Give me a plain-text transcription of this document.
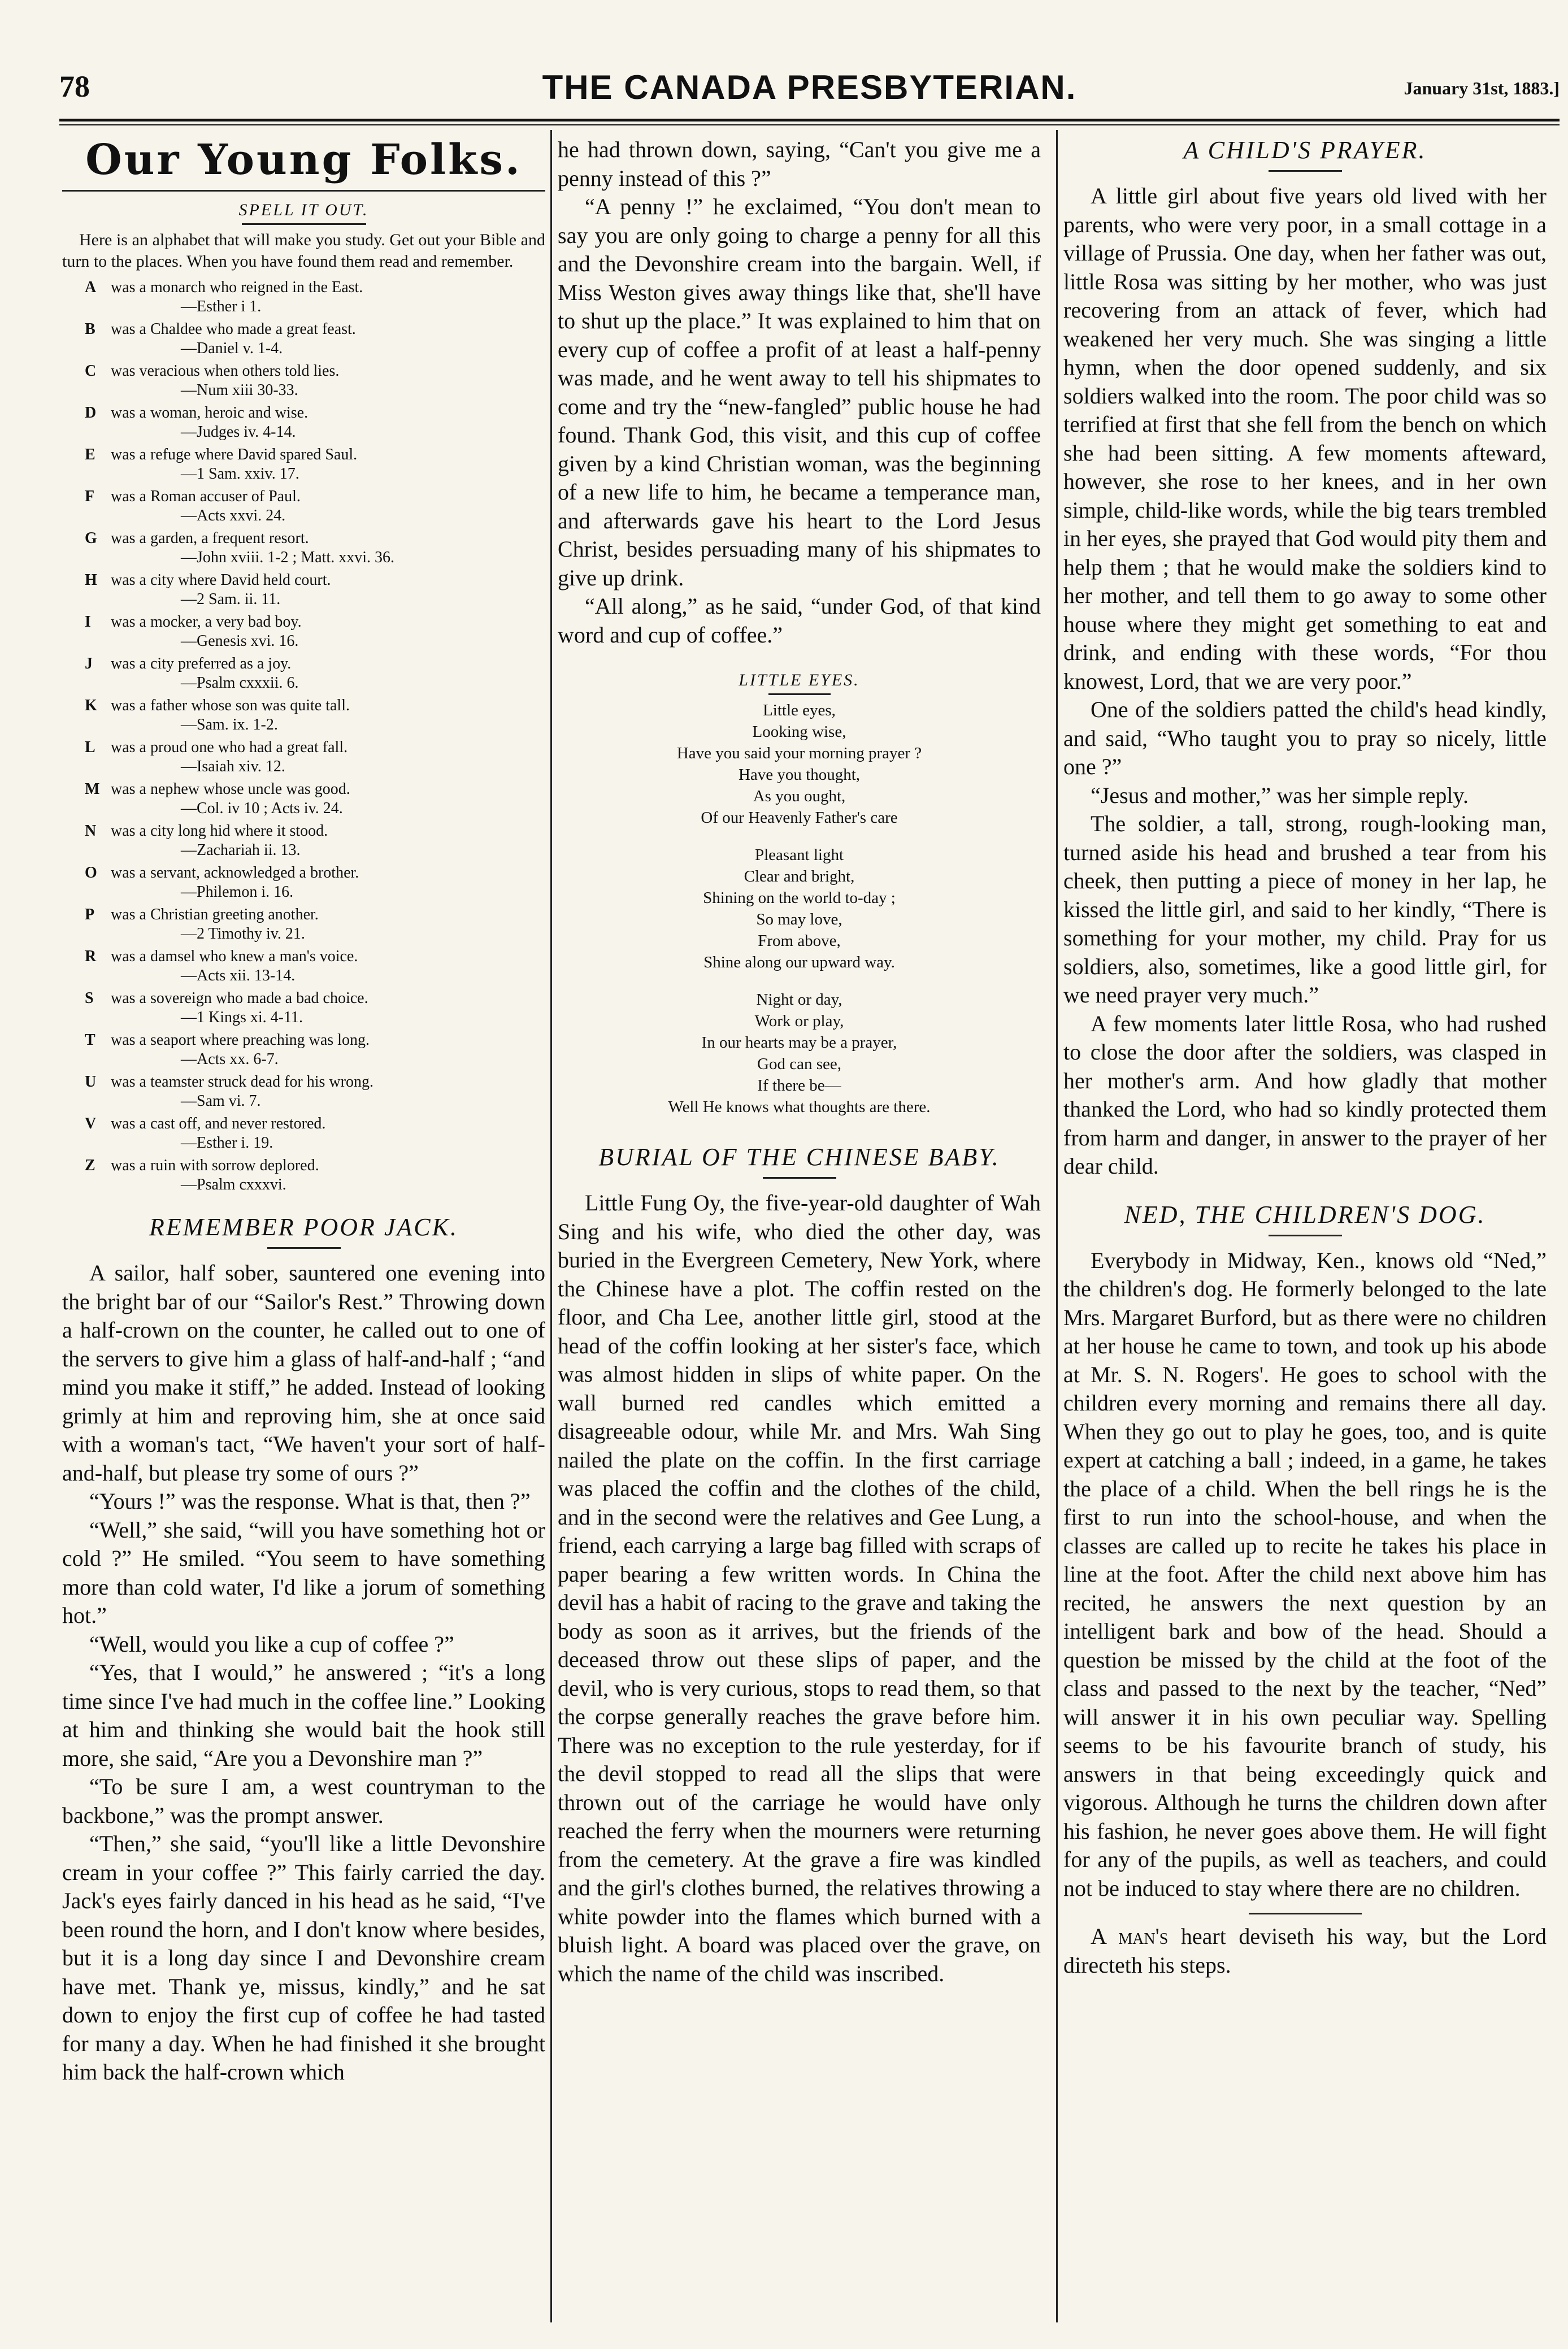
78	THE CANADA PRESBYTERIAN.	January 31st, 1883.]
Our Young Folks.
SPELL IT OUT.

Here is an alphabet that will make you study. Get out your Bible and turn to the places. When you have found them read and remember.

A was a monarch who reigned in the East.
—Esther i 1.
B was a Chaldee who made a great feast.
—Daniel v. 1-4.
C was veracious when others told lies.
—Num xiii 30-33.
D was a woman, heroic and wise.
—Judges iv. 4-14.
E was a refuge where David spared Saul.
—1 Sam. xxiv. 17.
F was a Roman accuser of Paul.
—Acts xxvi. 24.
G was a garden, a frequent resort.
—John xviii. 1-2 ; Matt. xxvi. 36.
H was a city where David held court.
—2 Sam. ii. 11.
I was a mocker, a very bad boy.
—Genesis xvi. 16.
J was a city preferred as a joy.
—Psalm cxxxii. 6.
K was a father whose son was quite tall.
—Sam. ix. 1-2.
L was a proud one who had a great fall.
—Isaiah xiv. 12.
M was a nephew whose uncle was good.
—Col. iv 10 ; Acts iv. 24.
N was a city long hid where it stood.
—Zachariah ii. 13.
O was a servant, acknowledged a brother.
—Philemon i. 16.
P was a Christian greeting another.
—2 Timothy iv. 21.
R was a damsel who knew a man's voice.
—Acts xii. 13-14.
S was a sovereign who made a bad choice.
—1 Kings xi. 4-11.
T was a seaport where preaching was long.
—Acts xx. 6-7.
U was a teamster struck dead for his wrong.
—Sam vi. 7.
V was a cast off, and never restored.
—Esther i. 19.
Z was a ruin with sorrow deplored.
—Psalm cxxxvi.
REMEMBER POOR JACK.

A sailor, half sober, sauntered one evening into the bright bar of our “Sailor's Rest.” Throwing down a half-crown on the counter, he called out to one of the servers to give him a glass of half-and-half ; “and mind you make it stiff,” he added. Instead of looking grimly at him and reproving him, she at once said with a woman's tact, “We haven't your sort of half-and-half, but please try some of ours ?”

“Yours !” was the response. What is that, then ?”

“Well,” she said, “will you have something hot or cold ?” He smiled. “You seem to have something more than cold water, I'd like a jorum of something hot.”

“Well, would you like a cup of coffee ?”

“Yes, that I would,” he answered ; “it's a long time since I've had much in the coffee line.” Looking at him and thinking she would bait the hook still more, she said, “Are you a Devonshire man ?”

“To be sure I am, a west countryman to the backbone,” was the prompt answer.

“Then,” she said, “you'll like a little Devonshire cream in your coffee ?” This fairly carried the day. Jack's eyes fairly danced in his head as he said, “I've been round the horn, and I don't know where besides, but it is a long day since I and Devonshire cream have met. Thank ye, missus, kindly,” and he sat down to enjoy the first cup of coffee he had tasted for many a day. When he had finished it she brought him back the half-crown which

he had thrown down, saying, “Can't you give me a penny instead of this ?”

“A penny !” he exclaimed, “You don't mean to say you are only going to charge a penny for all this and the Devonshire cream into the bargain. Well, if Miss Weston gives away things like that, she'll have to shut up the place.” It was explained to him that on every cup of coffee a profit of at least a half-penny was made, and he went away to tell his shipmates to come and try the “new-fangled” public house he had found. Thank God, this visit, and this cup of coffee given by a kind Christian woman, was the beginning of a new life to him, he became a temperance man, and afterwards gave his heart to the Lord Jesus Christ, besides persuading many of his shipmates to give up drink.

“All along,” as he said, “under God, of that kind word and cup of coffee.”

LITTLE EYES.
Little eyes,
Looking wise,
Have you said your morning prayer ?
Have you thought,
As you ought,
Of our Heavenly Father's care
Pleasant light
Clear and bright,
Shining on the world to-day ;
So may love,
From above,
Shine along our upward way.
Night or day,
Work or play,
In our hearts may be a prayer,
God can see,
If there be—
Well He knows what thoughts are there.
BURIAL OF THE CHINESE BABY.

Little Fung Oy, the five-year-old daughter of Wah Sing and his wife, who died the other day, was buried in the Evergreen Cemetery, New York, where the Chinese have a plot. The coffin rested on the floor, and Cha Lee, another little girl, stood at the head of the coffin looking at her sister's face, which was almost hidden in slips of white paper. On the wall burned red candles which emitted a disagreeable odour, while Mr. and Mrs. Wah Sing nailed the plate on the coffin. In the first carriage was placed the coffin and the clothes of the child, and in the second were the relatives and Gee Lung, a friend, each carrying a large bag filled with scraps of paper bearing a few written words. In China the devil has a habit of racing to the grave and taking the body as soon as it arrives, but the friends of the deceased throw out these slips of paper, and the devil, who is very curious, stops to read them, so that the corpse generally reaches the grave before him. There was no exception to the rule yesterday, for if the devil stopped to read all the slips that were thrown out of the carriage he would have only reached the ferry when the mourners were returning from the cemetery. At the grave a fire was kindled and the girl's clothes burned, the relatives throwing a white powder into the flames which burned with a bluish light. A board was placed over the grave, on which the name of the child was inscribed.

A CHILD'S PRAYER.

A little girl about five years old lived with her parents, who were very poor, in a small cottage in a village of Prussia. One day, when her father was out, little Rosa was sitting by her mother, who was just recovering from an attack of fever, which had weakened her very much. She was singing a little hymn, when the door opened suddenly, and six soldiers walked into the room. The poor child was so terrified at first that she fell from the bench on which she had been sitting. A few moments afteward, however, she rose to her knees, and in her own simple, child-like words, while the big tears trembled in her eyes, she prayed that God would pity them and help them ; that he would make the soldiers kind to her mother, and tell them to go away to some other house where they might get something to eat and drink, and ending with these words, “For thou knowest, Lord, that we are very poor.”

One of the soldiers patted the child's head kindly, and said, “Who taught you to pray so nicely, little one ?”

“Jesus and mother,” was her simple reply.

The soldier, a tall, strong, rough-looking man, turned aside his head and brushed a tear from his cheek, then putting a piece of money in her lap, he kissed the little girl, and said to her kindly, “There is something for your mother, my child. Pray for us soldiers, also, sometimes, like a good little girl, for we need prayer very much.”

A few moments later little Rosa, who had rushed to close the door after the soldiers, was clasped in her mother's arm. And how gladly that mother thanked the Lord, who had so kindly protected them from harm and danger, in answer to the prayer of her dear child.

NED, THE CHILDREN'S DOG.

Everybody in Midway, Ken., knows old “Ned,” the children's dog. He formerly belonged to the late Mrs. Margaret Burford, but as there were no children at her house he came to town, and took up his abode at Mr. S. N. Rogers'. He goes to school with the children every morning and remains there all day. When they go out to play he goes, too, and is quite expert at catching a ball ; indeed, in a game, he takes the place of a child. When the bell rings he is the first to run into the school-house, and when the classes are called up to recite he takes his place in line at the foot. After the child next above him has recited, he answers the next question by an intelligent bark and bow of the head. Should a question be missed by the child at the foot of the class and passed to the next by the teacher, “Ned” will answer it in his own peculiar way. Spelling seems to be his favourite branch of study, his answers in that being exceedingly quick and vigorous. Although he turns the children down after his fashion, he never goes above them. He will fight for any of the pupils, as well as teachers, and could not be induced to stay where there are no children.

A man's heart deviseth his way, but the Lord directeth his steps.
